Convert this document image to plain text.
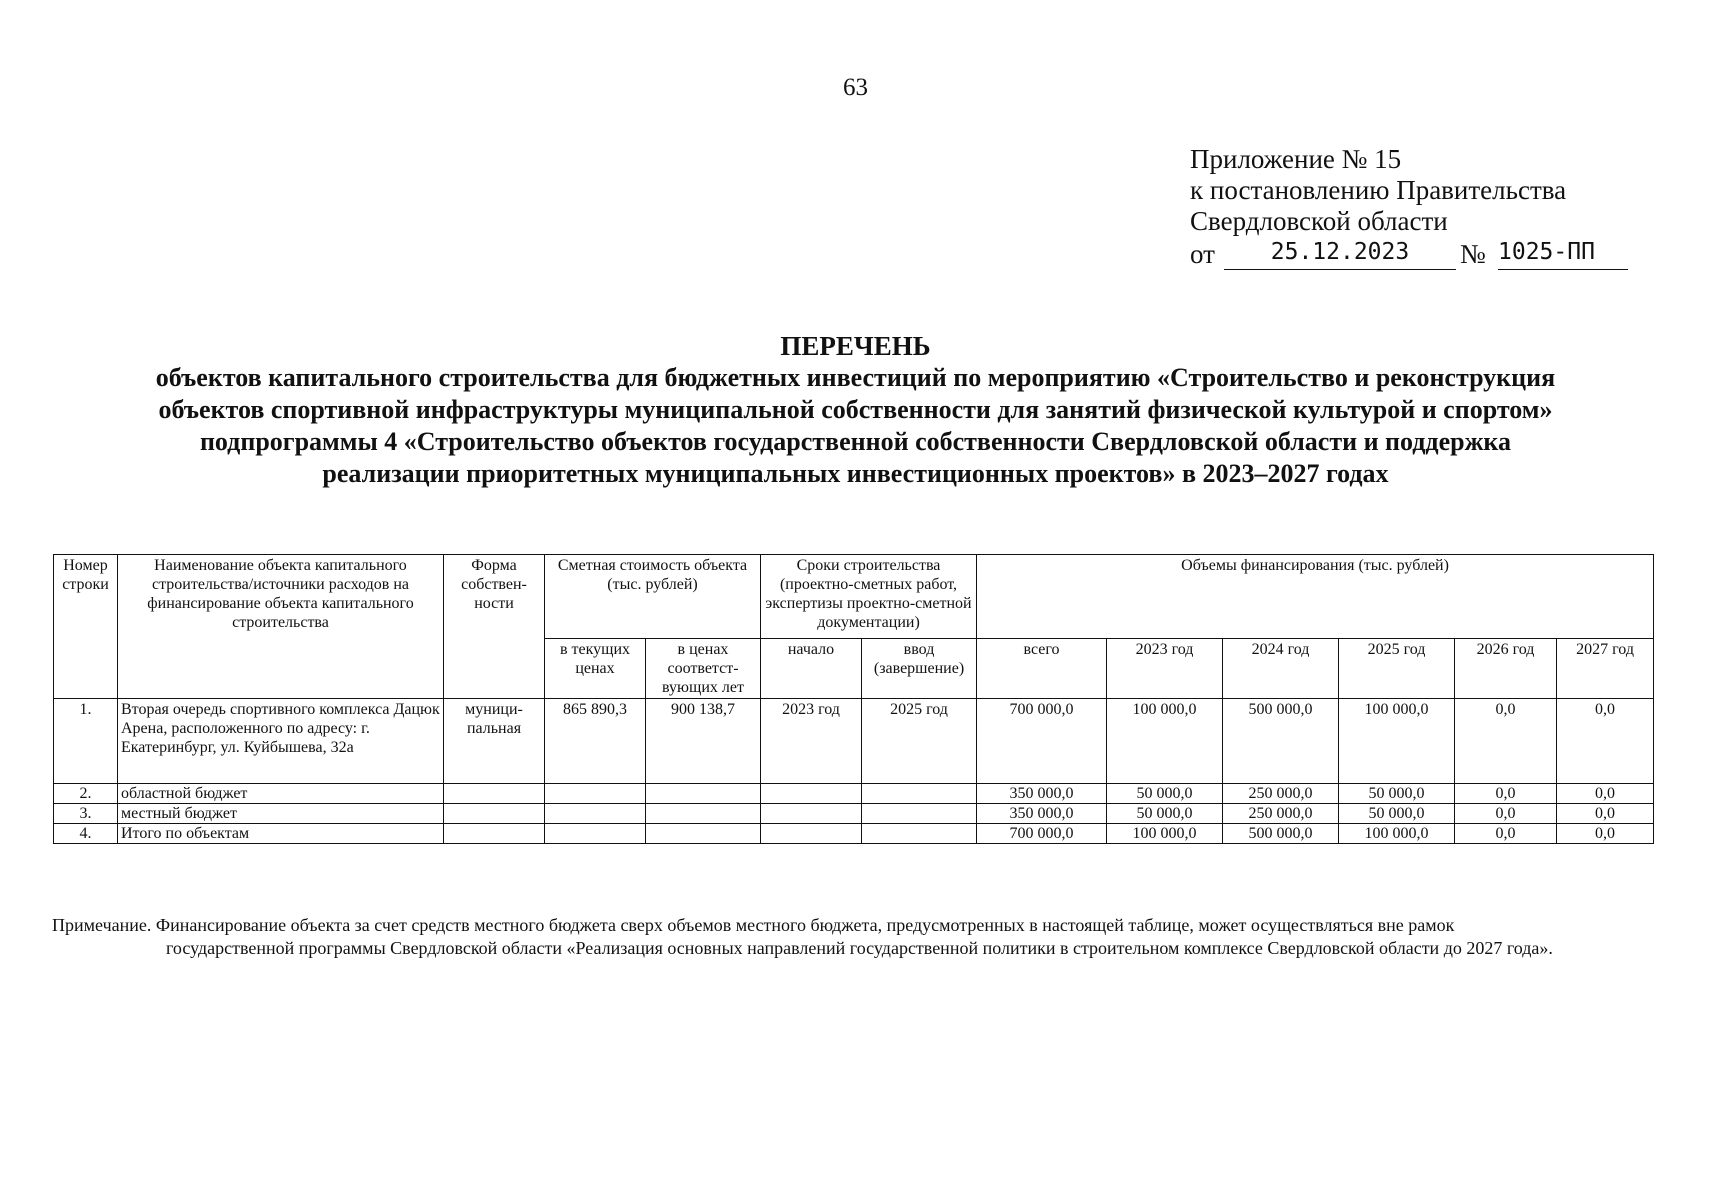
63
Приложение № 15
к постановлению Правительства
Свердловской области
от	25.12.2023	№ 1025-ПП
ПЕРЕЧЕНЬ
объектов капитального строительства для бюджетных инвестиций по мероприятию «Строительство и реконструкция
объектов спортивной инфраструктуры муниципальной собственности для занятий физической культурой и спортом»
подпрограммы 4 «Строительство объектов государственной собственности Свердловской области и поддержка
реализации приоритетных муниципальных инвестиционных проектов» в 2023–2027 годах
Номер строки	Наименование объекта капитального строительства/источники расходов на финансирование объекта капитального строительства	Форма собствен-ности	Сметная стоимость объекта (тыс. рублей)		Сроки строительства (проектно-сметных работ, экспертизы проектно-сметной документации)		Объемы финансирования (тыс. рублей)					
			в текущих ценах	в ценах соответст-вующих лет	начало	ввод (завершение)	всего	2023 год	2024 год	2025 год	2026 год	2027 год
1.	Вторая очередь спортивного комплекса Дацюк Арена, расположенного по адресу: г. Екатеринбург, ул. Куйбышева, 32а	муници-пальная	865 890,3	900 138,7	2023 год	2025 год	700 000,0	100 000,0	500 000,0	100 000,0	0,0	0,0
2.	областной бюджет						350 000,0	50 000,0	250 000,0	50 000,0	0,0	0,0
3.	местный бюджет						350 000,0	50 000,0	250 000,0	50 000,0	0,0	0,0
4.	Итого по объектам						700 000,0	100 000,0	500 000,0	100 000,0	0,0	0,0
Примечание. Финансирование объекта за счет средств местного бюджета сверх объемов местного бюджета, предусмотренных в настоящей таблице, может осуществляться вне рамок
государственной программы Свердловской области «Реализация основных направлений государственной политики в строительном комплексе Свердловской области до 2027 года».
